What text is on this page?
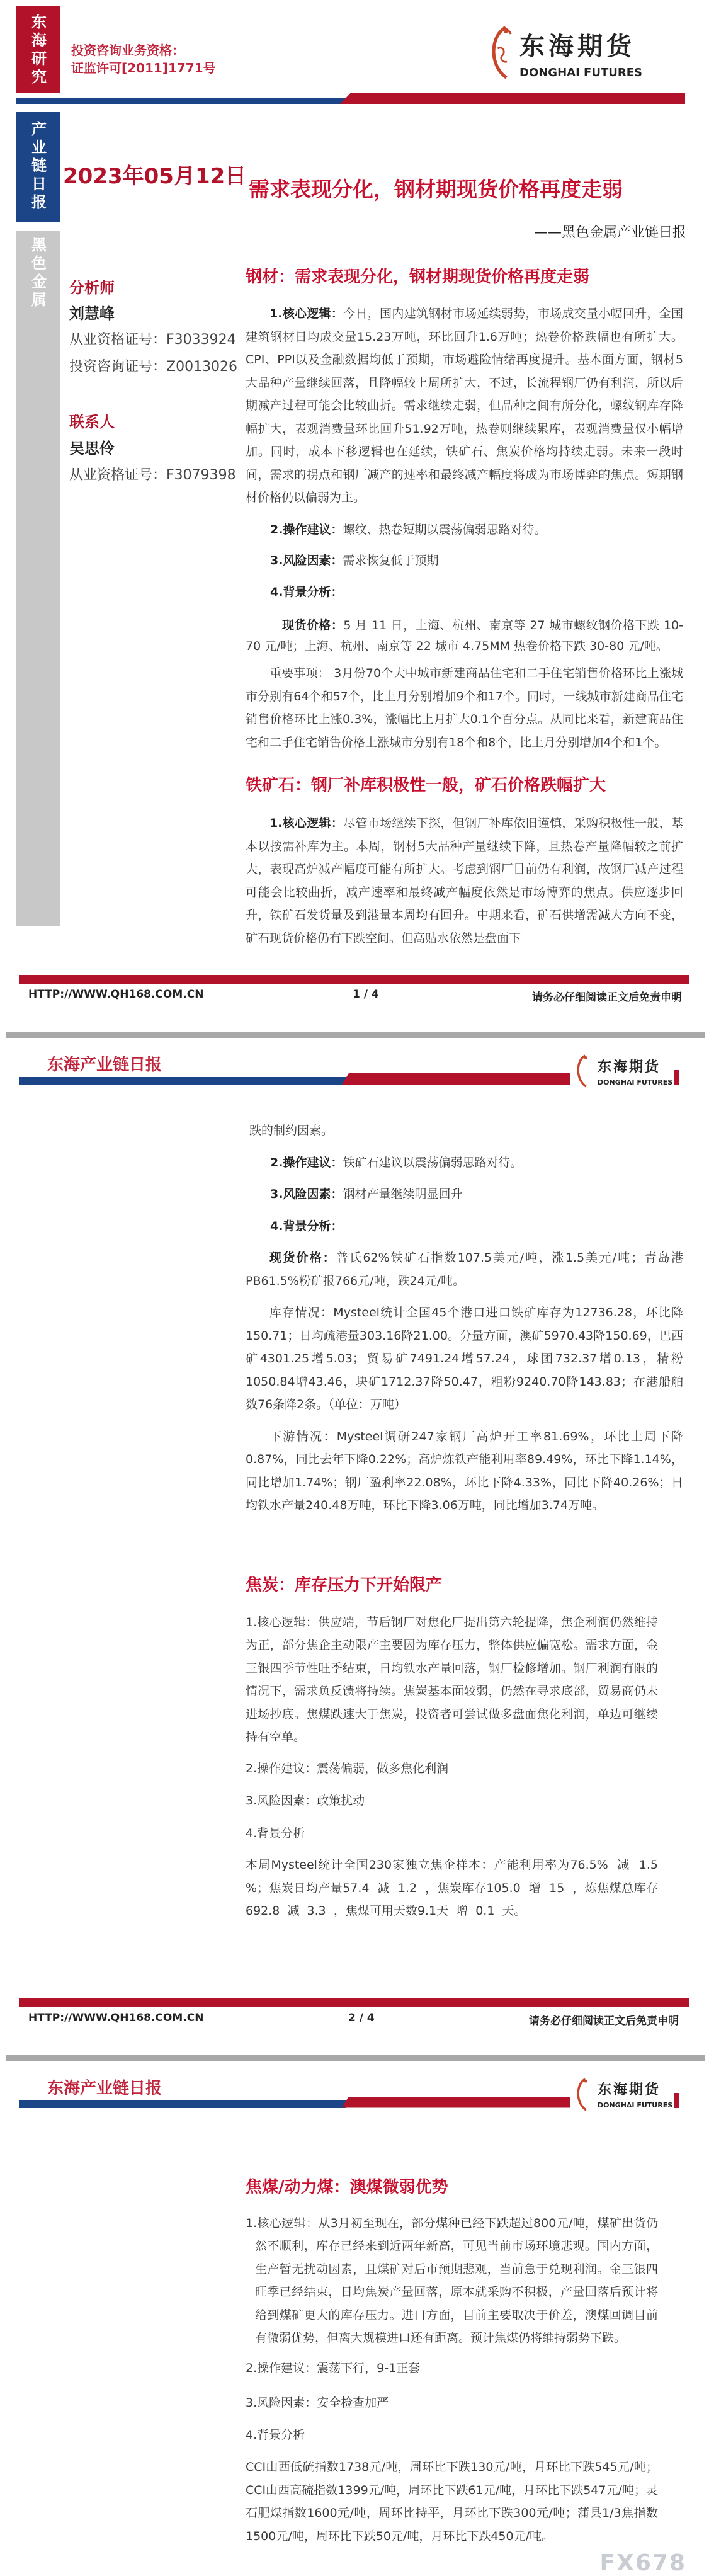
东海研究 投资咨询业务资格：
证监许可[2011]1771号
东海期货
DONGHAI FUTURES
产业链日报
黑色金属
2023年05月12日
需求表现分化，钢材期现货价格再度走弱
——黑色金属产业链日报
分析师
刘慧峰
从业资格证号：F3033924
投资咨询证号：Z0013026
联系人
吴思伶
从业资格证号：F3079398
钢材：需求表现分化，钢材期现货价格再度走弱
1.核心逻辑：今日，国内建筑钢材市场延续弱势，市场成交量小幅回升，全国建筑钢材日均成交量15.23万吨，环比回升1.6万吨；热卷价格跌幅也有所扩大。CPI、PPI以及金融数据均低于预期，市场避险情绪再度提升。基本面方面，钢材5大品种产量继续回落，且降幅较上周所扩大，不过，长流程钢厂仍有利润，所以后期减产过程可能会比较曲折。需求继续走弱，但品种之间有所分化，螺纹钢库存降幅扩大，表观消费量环比回升51.92万吨，热卷则继续累库，表观消费量仅小幅增加。同时，成本下移逻辑也在延续，铁矿石、焦炭价格均持续走弱。未来一段时间，需求的拐点和钢厂减产的速率和最终减产幅度将成为市场博弈的焦点。短期钢材价格仍以偏弱为主。
2.操作建议：螺纹、热卷短期以震荡偏弱思路对待。
3.风险因素：需求恢复低于预期
4.背景分析：
现货价格：5 月 11 日，上海、杭州、南京等 27 城市螺纹钢价格下跌 10-70 元/吨；上海、杭州、南京等 22 城市 4.75MM 热卷价格下跌 30-80 元/吨。
重要事项： 3月份70个大中城市新建商品住宅和二手住宅销售价格环比上涨城市分别有64个和57个，比上月分别增加9个和17个。同时，一线城市新建商品住宅销售价格环比上涨0.3%，涨幅比上月扩大0.1个百分点。从同比来看，新建商品住宅和二手住宅销售价格上涨城市分别有18个和8个，比上月分别增加4个和1个。
铁矿石：钢厂补库积极性一般，矿石价格跌幅扩大
1.核心逻辑：尽管市场继续下探，但钢厂补库依旧谨慎，采购积极性一般，基本以按需补库为主。本周，钢材5大品种产量继续下降，且热卷产量降幅较之前扩大，表现高炉减产幅度可能有所扩大。考虑到钢厂目前仍有利润，故钢厂减产过程可能会比较曲折，减产速率和最终减产幅度依然是市场博弈的焦点。供应逐步回升，铁矿石发货量及到港量本周均有回升。中期来看，矿石供增需减大方向不变，矿石现货价格仍有下跌空间。但高贴水依然是盘面下
HTTP://WWW.QH168.COM.CN	1 / 4	请务必仔细阅读正文后免责申明
东海产业链日报	东海期货
DONGHAI FUTURES
跌的制约因素。
2.操作建议：铁矿石建议以震荡偏弱思路对待。
3.风险因素：钢材产量继续明显回升
4.背景分析：
现货价格：普氏62%铁矿石指数107.5美元/吨，涨1.5美元/吨；青岛港PB61.5%粉矿报766元/吨，跌24元/吨。
库存情况：Mysteel统计全国45个港口进口铁矿库存为12736.28，环比降150.71；日均疏港量303.16降21.00。分量方面，澳矿5970.43降150.69，巴西矿4301.25增5.03；贸易矿7491.24增57.24，球团732.37增0.13，精粉1050.84增43.46，块矿1712.37降50.47，粗粉9240.70降143.83；在港船舶数76条降2条。（单位：万吨）
下游情况：Mysteel调研247家钢厂高炉开工率81.69%，环比上周下降0.87%，同比去年下降0.22%；高炉炼铁产能利用率89.49%，环比下降1.14%，同比增加1.74%；钢厂盈利率22.08%，环比下降4.33%，同比下降40.26%；日均铁水产量240.48万吨，环比下降3.06万吨，同比增加3.74万吨。
焦炭：库存压力下开始限产
1.核心逻辑：供应端，节后钢厂对焦化厂提出第六轮提降，焦企利润仍然维持为正，部分焦企主动限产主要因为库存压力，整体供应偏宽松。需求方面，金三银四季节性旺季结束，日均铁水产量回落，钢厂检修增加。钢厂利润有限的情况下，需求负反馈将持续。焦炭基本面较弱，仍然在寻求底部，贸易商仍未进场抄底。焦煤跌速大于焦炭，投资者可尝试做多盘面焦化利润，单边可继续持有空单。
2.操作建议：震荡偏弱，做多焦化利润
3.风险因素：政策扰动
4.背景分析
本周Mysteel统计全国230家独立焦企样本：产能利用率为76.5%  减  1.5 %；焦炭日均产量57.4  减  1.2  ，焦炭库存105.0  增  15  ，炼焦煤总库存692.8  减  3.3  ，焦煤可用天数9.1天  增  0.1  天。
HTTP://WWW.QH168.COM.CN	2 / 4	请务必仔细阅读正文后免责申明
东海产业链日报	东海期货
DONGHAI FUTURES
焦煤/动力煤：澳煤微弱优势
1.核心逻辑：从3月初至现在，部分煤种已经下跌超过800元/吨，煤矿出货仍然不顺利，库存已经来到近两年新高，可见当前市场环境悲观。国内方面，生产暂无扰动因素，且煤矿对后市预期悲观，当前急于兑现利润。金三银四旺季已经结束，日均焦炭产量回落，原本就采购不积极，产量回落后预计将给到煤矿更大的库存压力。进口方面，目前主要取决于价差，澳煤回调目前有微弱优势，但离大规模进口还有距离。预计焦煤仍将维持弱势下跌。
2.操作建议：震荡下行，9-1正套
3.风险因素：安全检查加严
4.背景分析
CCI山西低硫指数1738元/吨，周环比下跌130元/吨，月环比下跌545元/吨；CCI山西高硫指数1399元/吨，周环比下跌61元/吨，月环比下跌547元/吨；灵石肥煤指数1600元/吨，周环比持平，月环比下跌300元/吨；蒲县1/3焦指数1500元/吨，周环比下跌50元/吨，月环比下跌450元/吨。
FX678
